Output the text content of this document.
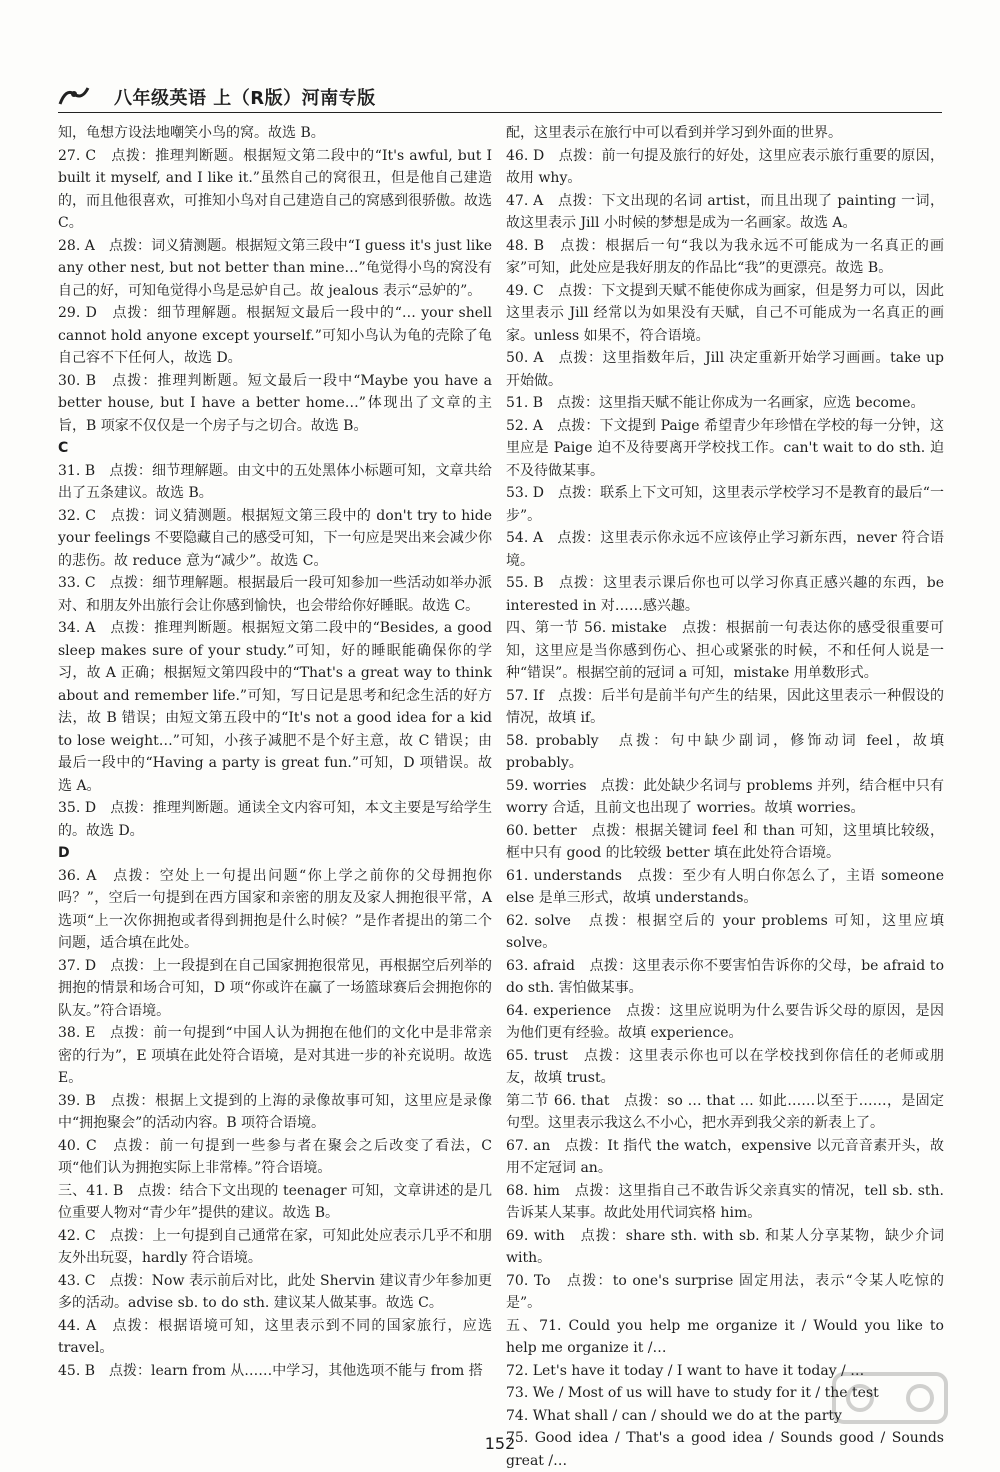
八年级英语 上（R版）河南专版

知，龟想方设法地嘲笑小鸟的窝。故选 B。

27. C　点拨：推理判断题。根据短文第二段中的“It's awful, but I built it myself, and I like it.”虽然自己的窝很丑，但是他自己建造的，而且他很喜欢，可推知小鸟对自己建造自己的窝感到很骄傲。故选 C。

28. A　点拨：词义猜测题。根据短文第三段中“I guess it's just like any other nest, but not better than mine…”龟觉得小鸟的窝没有自己的好，可知龟觉得小鸟是忌妒自己。故 jealous 表示“忌妒的”。

29. D　点拨：细节理解题。根据短文最后一段中的“… your shell cannot hold anyone except yourself.”可知小鸟认为龟的壳除了龟自己容不下任何人，故选 D。

30. B　点拨：推理判断题。短文最后一段中“Maybe you have a better house, but I have a better home…”体现出了文章的主旨，B 项家不仅仅是一个房子与之切合。故选 B。

C

31. B　点拨：细节理解题。由文中的五处黑体小标题可知，文章共给出了五条建议。故选 B。

32. C　点拨：词义猜测题。根据短文第三段中的 don't try to hide your feelings 不要隐藏自己的感受可知，下一句应是哭出来会减少你的悲伤。故 reduce 意为“减少”。故选 C。

33. C　点拨：细节理解题。根据最后一段可知参加一些活动如举办派对、和朋友外出旅行会让你感到愉快，也会带给你好睡眠。故选 C。

34. A　点拨：推理判断题。根据短文第二段中的“Besides, a good sleep makes sure of your study.”可知，好的睡眠能确保你的学习，故 A 正确；根据短文第四段中的“That's a great way to think about and remember life.”可知，写日记是思考和纪念生活的好方法，故 B 错误；由短文第五段中的“It's not a good idea for a kid to lose weight…”可知，小孩子减肥不是个好主意，故 C 错误；由最后一段中的“Having a party is great fun.”可知，D 项错误。故选 A。

35. D　点拨：推理判断题。通读全文内容可知，本文主要是写给学生的。故选 D。

D

36. A　点拨：空处上一句提出问题“你上学之前你的父母拥抱你吗？”，空后一句提到在西方国家和亲密的朋友及家人拥抱很平常，A 选项“上一次你拥抱或者得到拥抱是什么时候？”是作者提出的第二个问题，适合填在此处。

37. D　点拨：上一段提到在自己国家拥抱很常见，再根据空后列举的拥抱的情景和场合可知，D 项“你或许在赢了一场篮球赛后会拥抱你的队友。”符合语境。

38. E　点拨：前一句提到“中国人认为拥抱在他们的文化中是非常亲密的行为”，E 项填在此处符合语境，是对其进一步的补充说明。故选 E。

39. B　点拨：根据上文提到的上海的录像故事可知，这里应是录像中“拥抱聚会”的活动内容。B 项符合语境。

40. C　点拨：前一句提到一些参与者在聚会之后改变了看法，C 项“他们认为拥抱实际上非常棒。”符合语境。

三、41. B　点拨：结合下文出现的 teenager 可知，文章讲述的是几位重要人物对“青少年”提供的建议。故选 B。

42. C　点拨：上一句提到自己通常在家，可知此处应表示几乎不和朋友外出玩耍，hardly 符合语境。

43. C　点拨：Now 表示前后对比，此处 Shervin 建议青少年参加更多的活动。advise sb. to do sth. 建议某人做某事。故选 C。

44. A　点拨：根据语境可知，这里表示到不同的国家旅行，应选 travel。

45. B　点拨：learn from 从……中学习，其他选项不能与 from 搭

配，这里表示在旅行中可以看到并学习到外面的世界。

46. D　点拨：前一句提及旅行的好处，这里应表示旅行重要的原因，故用 why。

47. A　点拨：下文出现的名词 artist，而且出现了 painting 一词，故这里表示 Jill 小时候的梦想是成为一名画家。故选 A。

48. B　点拨：根据后一句“我以为我永远不可能成为一名真正的画家”可知，此处应是我好朋友的作品比“我”的更漂亮。故选 B。

49. C　点拨：下文提到天赋不能使你成为画家，但是努力可以，因此这里表示 Jill 经常以为如果没有天赋，自己不可能成为一名真正的画家。unless 如果不，符合语境。

50. A　点拨：这里指数年后，Jill 决定重新开始学习画画。take up 开始做。

51. B　点拨：这里指天赋不能让你成为一名画家，应选 become。

52. A　点拨：下文提到 Paige 希望青少年珍惜在学校的每一分钟，这里应是 Paige 迫不及待要离开学校找工作。can't wait to do sth. 迫不及待做某事。

53. D　点拨：联系上下文可知，这里表示学校学习不是教育的最后“一步”。

54. A　点拨：这里表示你永远不应该停止学习新东西，never 符合语境。

55. B　点拨：这里表示课后你也可以学习你真正感兴趣的东西，be interested in 对……感兴趣。

四、第一节 56. mistake　点拨：根据前一句表达你的感受很重要可知，这里应是当你感到伤心、担心或紧张的时候，不和任何人说是一种“错误”。根据空前的冠词 a 可知，mistake 用单数形式。

57. If　点拨：后半句是前半句产生的结果，因此这里表示一种假设的情况，故填 if。

58. probably　点拨：句中缺少副词，修饰动词 feel，故填 probably。

59. worries　点拨：此处缺少名词与 problems 并列，结合框中只有 worry 合适，且前文也出现了 worries。故填 worries。

60. better　点拨：根据关键词 feel 和 than 可知，这里填比较级，框中只有 good 的比较级 better 填在此处符合语境。

61. understands　点拨：至少有人明白你怎么了，主语 someone else 是单三形式，故填 understands。

62. solve　点拨：根据空后的 your problems 可知，这里应填 solve。

63. afraid　点拨：这里表示你不要害怕告诉你的父母，be afraid to do sth. 害怕做某事。

64. experience　点拨：这里应说明为什么要告诉父母的原因，是因为他们更有经验。故填 experience。

65. trust　点拨：这里表示你也可以在学校找到你信任的老师或朋友，故填 trust。

第二节 66. that　点拨：so … that … 如此……以至于……，是固定句型。这里表示我这么不小心，把水弄到我父亲的新表上了。

67. an　点拨：It 指代 the watch，expensive 以元音音素开头，故用不定冠词 an。

68. him　点拨：这里指自己不敢告诉父亲真实的情况，tell sb. sth. 告诉某人某事。故此处用代词宾格 him。

69. with　点拨：share sth. with sb. 和某人分享某物，缺少介词 with。

70. To　点拨：to one's surprise 固定用法，表示“令某人吃惊的是”。

五、71. Could you help me organize it / Would you like to help me organize it /…

72. Let's have it today / I want to have it today / …

73. We / Most of us will have to study for it / the test

74. What shall / can / should we do at the party

75. Good idea / That's a good idea / Sounds good / Sounds great /…

152
